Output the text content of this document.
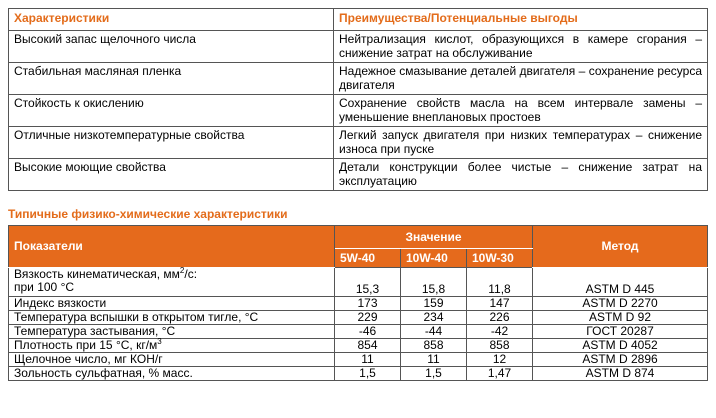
Характеристики	Преимущества/Потенциальные выгоды
Высокий запас щелочного числа	Нейтрализация кислот, образующихся в камере сгорания – снижение затрат на обслуживание
Стабильная масляная пленка	Надежное смазывание деталей двигателя – сохранение ресурса двигателя
Стойкость к окислению	Сохранение свойств масла на всем интервале замены – уменьшение внеплановых простоев
Отличные низкотемпературные свойства	Легкий запуск двигателя при низких температурах – снижение износа при пуске
Высокие моющие свойства	Детали конструкции более чистые – снижение затрат на эксплуатацию
Типичные физико-химические характеристики
Показатели	Значение			Метод
	5W-40	10W-40	10W-30	
Вязкость кинематическая, $мм^2/с$:
при 100 °С	15,3	15,8	11,8	ASTM D 445
Индекс вязкости	173	159	147	ASTM D 2270
Температура вспышки в открытом тигле, °С	229	234	226	ASTM D 92
Температура застывания, °С	-46	-44	-42	ГОСТ 20287
Плотность при 15 °С, $кг/м^3$	854	858	858	ASTM D 4052
Щелочное число, мг КОН/г	11	11	12	ASTM D 2896
Зольность сульфатная, % масс.	1,5	1,5	1,47	ASTM D 874
